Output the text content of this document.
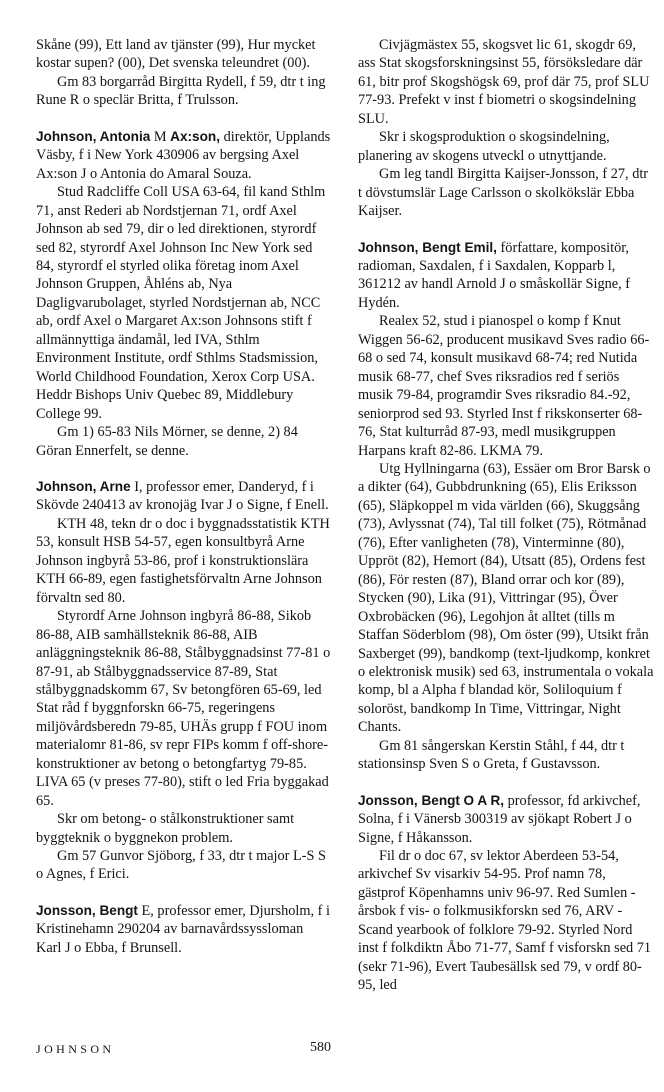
Skåne (99), Ett land av tjänster (99), Hur mycket kostar supen? (00), Det svenska teleundret (00).

Gm 83 borgarråd Birgitta Rydell, f 59, dtr t ing Rune R o speclär Britta, f Trulsson.

Johnson, Antonia M Ax:son, direktör, Upplands Väsby, f i New York 430906 av bergsing Axel Ax:son J o Antonia do Amaral Souza.

Stud Radcliffe Coll USA 63-64, fil kand Sthlm 71, anst Rederi ab Nordstjernan 71, ordf Axel Johnson ab sed 79, dir o led direktionen, styrordf sed 82, styrordf Axel Johnson Inc New York sed 84, styrordf el styrled olika företag inom Axel Johnson Gruppen, Åhléns ab, Nya Dagligvarubolaget, styrled Nordstjernan ab, NCC ab, ordf Axel o Margaret Ax:son Johnsons stift f allmännyttiga ändamål, led IVA, Sthlm Environment Institute, ordf Sthlms Stadsmission, World Childhood Foundation, Xerox Corp USA. Heddr Bishops Univ Quebec 89, Middlebury College 99.

Gm 1) 65-83 Nils Mörner, se denne, 2) 84 Göran Ennerfelt, se denne.

Johnson, Arne I, professor emer, Danderyd, f i Skövde 240413 av kronojäg Ivar J o Signe, f Enell.

KTH 48, tekn dr o doc i byggnadsstatistik KTH 53, konsult HSB 54-57, egen konsultbyrå Arne Johnson ingbyrå 53-86, prof i konstruktionslära KTH 66-89, egen fastighetsförvaltn Arne Johnson förvaltn sed 80.

Styrordf Arne Johnson ingbyrå 86-88, Sikob 86-88, AIB samhällsteknik 86-88, AIB anläggningsteknik 86-88, Stålbyggnadsinst 77-81 o 87-91, ab Stålbyggnadsservice 87-89, Stat stålbyggnadskomm 67, Sv betongfören 65-69, led Stat råd f byggnforskn 66-75, regeringens miljövårdsberedn 79-85, UHÄs grupp f FOU inom materialomr 81-86, sv repr FIPs komm f off-shore-konstruktioner av betong o betongfartyg 79-85. LIVA 65 (v preses 77-80), stift o led Fria byggakad 65.

Skr om betong- o stålkonstruktioner samt byggteknik o byggnekon problem.

Gm 57 Gunvor Sjöborg, f 33, dtr t major L-S S o Agnes, f Erici.

Jonsson, Bengt E, professor emer, Djursholm, f i Kristinehamn 290204 av barnavårdssyssloman Karl J o Ebba, f Brunsell.

Civjägmästex 55, skogsvet lic 61, skogdr 69, ass Stat skogsforskningsinst 55, försöksledare där 61, bitr prof Skogshögsk 69, prof där 75, prof SLU 77-93. Prefekt v inst f biometri o skogsindelning SLU.

Skr i skogsproduktion o skogsindelning, planering av skogens utveckl o utnyttjande.

Gm leg tandl Birgitta Kaijser-Jonsson, f 27, dtr t dövstumslär Lage Carlsson o skolkökslär Ebba Kaijser.

Johnson, Bengt Emil, författare, kompositör, radioman, Saxdalen, f i Saxdalen, Kopparb l, 361212 av handl Arnold J o småskollär Signe, f Hydén.

Realex 52, stud i pianospel o komp f Knut Wiggen 56-62, producent musikavd Sves radio 66-68 o sed 74, konsult musikavd 68-74; red Nutida musik 68-77, chef Sves riksradios red f seriös musik 79-84, programdir Sves riksradio 84.-92, seniorprod sed 93. Styrled Inst f rikskonserter 68-76, Stat kulturråd 87-93, medl musikgruppen Harpans kraft 82-86. LKMA 79.

Utg Hyllningarna (63), Essäer om Bror Barsk o a dikter (64), Gubbdrunkning (65), Elis Eriksson (65), Släpkoppel m vida världen (66), Skuggsång (73), Avlyssnat (74), Tal till folket (75), Rötmånad (76), Efter vanligheten (78), Vinterminne (80), Uppröt (82), Hemort (84), Utsatt (85), Ordens fest (86), För resten (87), Bland orrar och kor (89), Stycken (90), Lika (91), Vittringar (95), Över Oxbrobäcken (96), Legohjon åt alltet (tills m Staffan Söderblom (98), Om öster (99), Utsikt från Saxberget (99), bandkomp (text-ljudkomp, konkret o elektronisk musik) sed 63, instrumentala o vokala komp, bl a Alpha f blandad kör, Soliloquium f soloröst, bandkomp In Time, Vittringar, Night Chants.

Gm 81 sångerskan Kerstin Ståhl, f 44, dtr t stationsinsp Sven S o Greta, f Gustavsson.

Jonsson, Bengt O A R, professor, fd arkivchef, Solna, f i Vänersb 300319 av sjökapt Robert J o Signe, f Håkansson.

Fil dr o doc 67, sv lektor Aberdeen 53-54, arkivchef Sv visarkiv 54-95. Prof namn 78, gästprof Köpenhamns univ 96-97. Red Sumlen - årsbok f vis- o folkmusikforskn sed 76, ARV - Scand yearbook of folklore 79-92. Styrled Nord inst f folkdiktn Åbo 71-77, Samf f visforskn sed 71 (sekr 71-96), Evert Taubesällsk sed 79, v ordf 80-95, led

JOHNSON	580
